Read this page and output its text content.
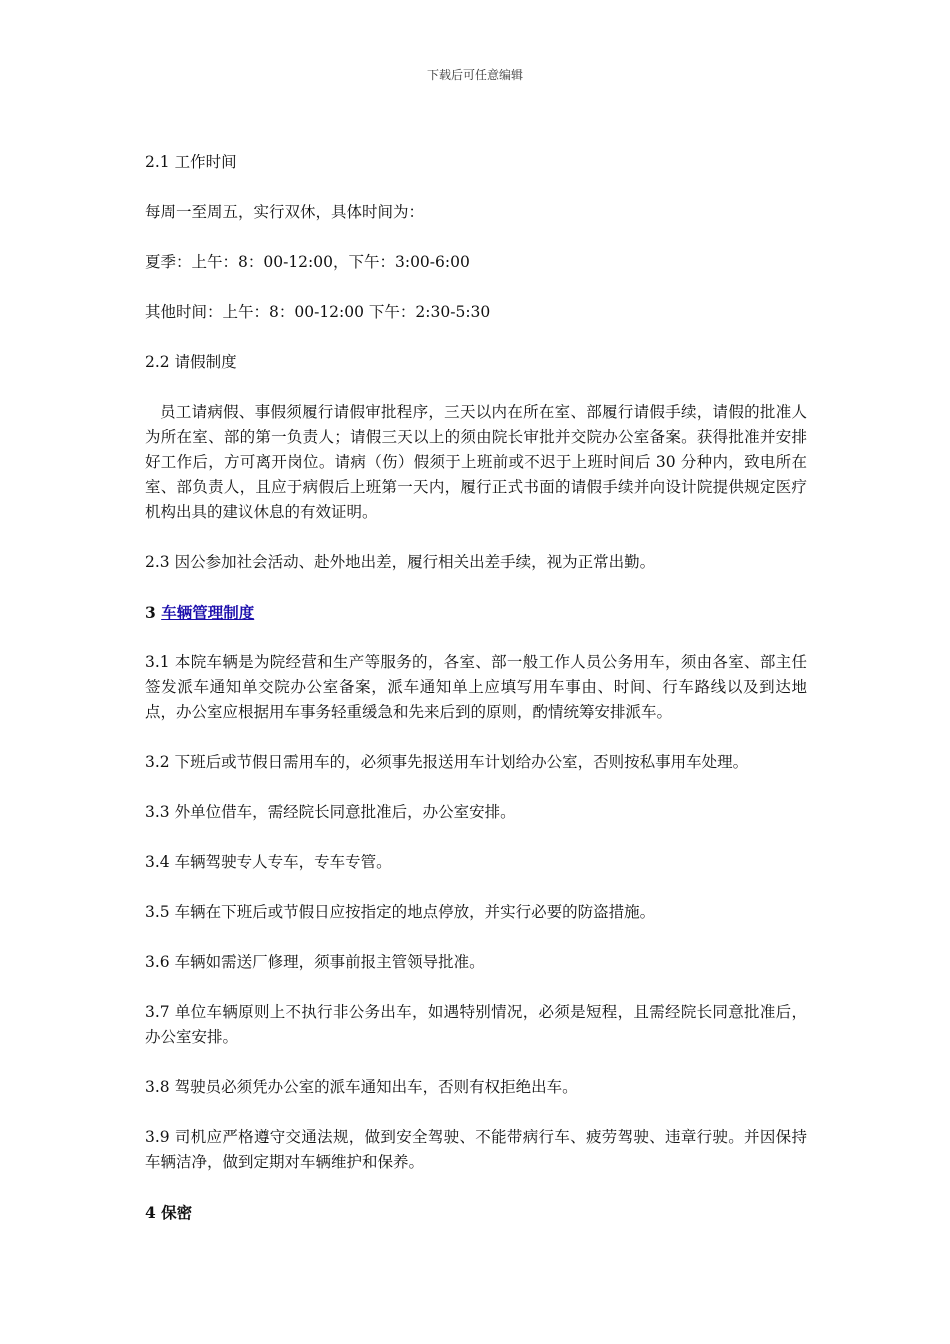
下载后可任意编辑

2.1 工作时间

每周一至周五，实行双休，具体时间为：

夏季：上午：8：00-12:00，下午：3:00-6:00

其他时间：上午：8：00-12:00 下午：2:30-5:30

2.2 请假制度

员工请病假、事假须履行请假审批程序，三天以内在所在室、部履行请假手续，请假的批准人为所在室、部的第一负责人；请假三天以上的须由院长审批并交院办公室备案。获得批准并安排好工作后，方可离开岗位。请病（伤）假须于上班前或不迟于上班时间后 30 分种内，致电所在室、部负责人，且应于病假后上班第一天内，履行正式书面的请假手续并向设计院提供规定医疗机构出具的建议休息的有效证明。

2.3 因公参加社会活动、赴外地出差，履行相关出差手续，视为正常出勤。

3 车辆管理制度

3.1 本院车辆是为院经营和生产等服务的，各室、部一般工作人员公务用车，须由各室、部主任签发派车通知单交院办公室备案，派车通知单上应填写用车事由、时间、行车路线以及到达地点，办公室应根据用车事务轻重缓急和先来后到的原则，酌情统筹安排派车。

3.2 下班后或节假日需用车的，必须事先报送用车计划给办公室，否则按私事用车处理。

3.3 外单位借车，需经院长同意批准后，办公室安排。

3.4 车辆驾驶专人专车，专车专管。

3.5 车辆在下班后或节假日应按指定的地点停放，并实行必要的防盗措施。

3.6 车辆如需送厂修理，须事前报主管领导批准。

3.7 单位车辆原则上不执行非公务出车，如遇特别情况，必须是短程，且需经院长同意批准后，办公室安排。

3.8 驾驶员必须凭办公室的派车通知出车，否则有权拒绝出车。

3.9 司机应严格遵守交通法规，做到安全驾驶、不能带病行车、疲劳驾驶、违章行驶。并因保持车辆洁净，做到定期对车辆维护和保养。

4 保密
